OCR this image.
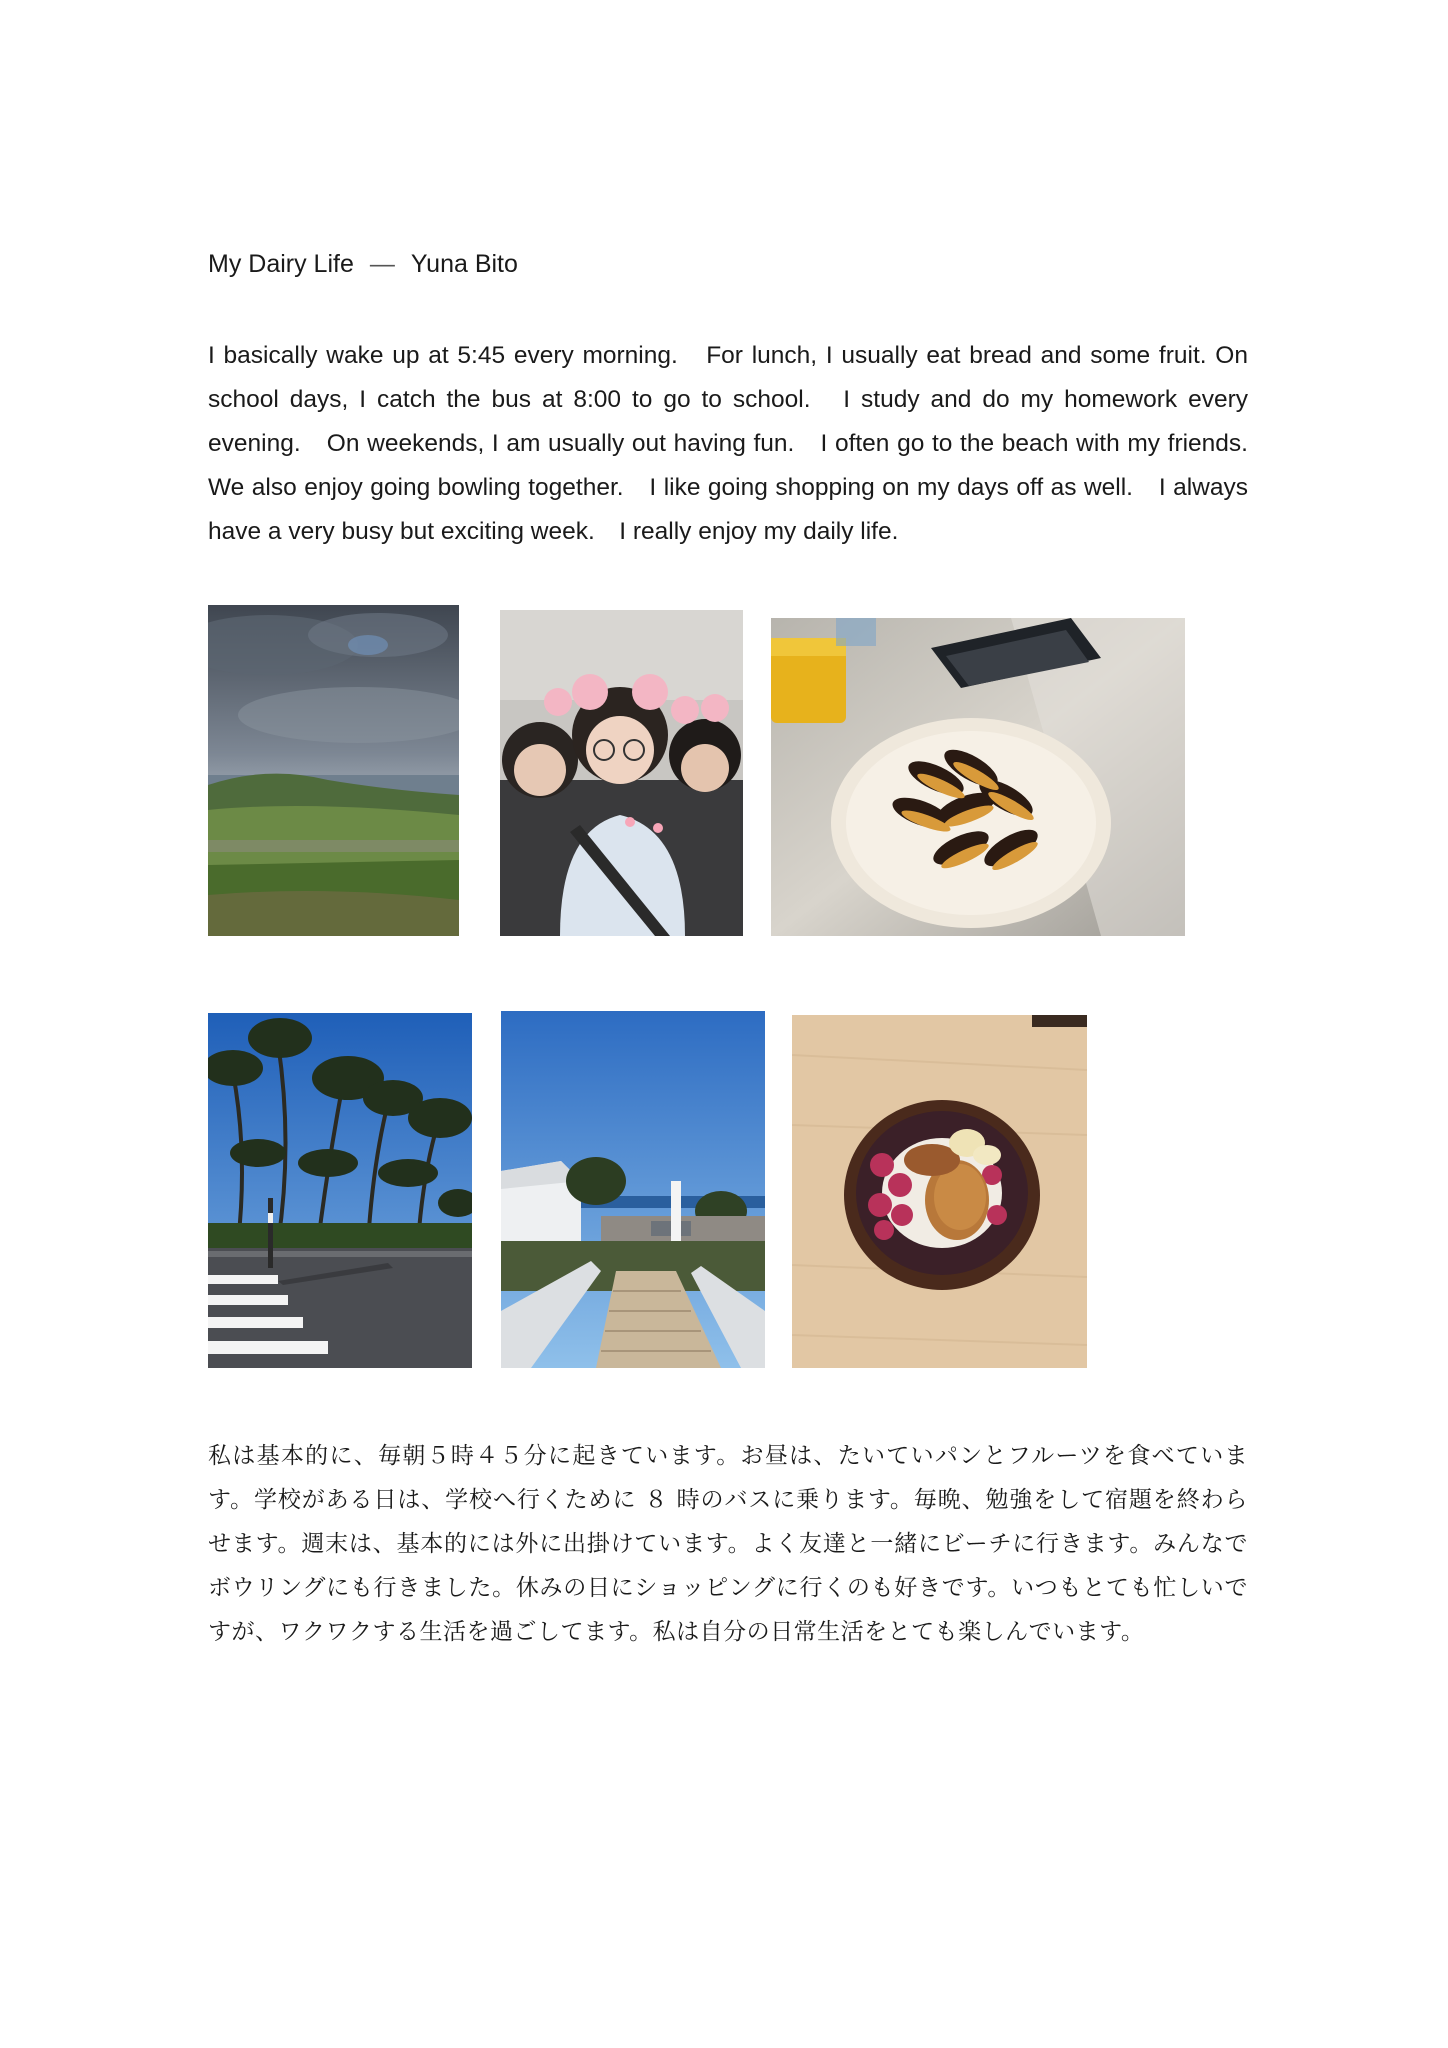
My Dairy Life — Yuna Bito

I basically wake up at 5:45 every morning.　For lunch, I usually eat bread and some fruit. On school days, I catch the bus at 8:00 to go to school.　I study and do my homework every evening.　On weekends, I am usually out having fun.　I often go to the beach with my friends.　We also enjoy going bowling together.　I like going shopping on my days off as well.　I always have a very busy but exciting week.　I really enjoy my daily life.

私は基本的に、毎朝５時４５分に起きています。お昼は、たいていパンとフルーツを食べています。学校がある日は、学校へ行くために ８ 時のバスに乗ります。毎晩、勉強をして宿題を終わらせます。週末は、基本的には外に出掛けています。よく友達と一緒にビーチに行きます。みんなでボウリングにも行きました。休みの日にショッピングに行くのも好きです。いつもとても忙しいですが、ワクワクする生活を過ごしてます。私は自分の日常生活をとても楽しんでいます。
